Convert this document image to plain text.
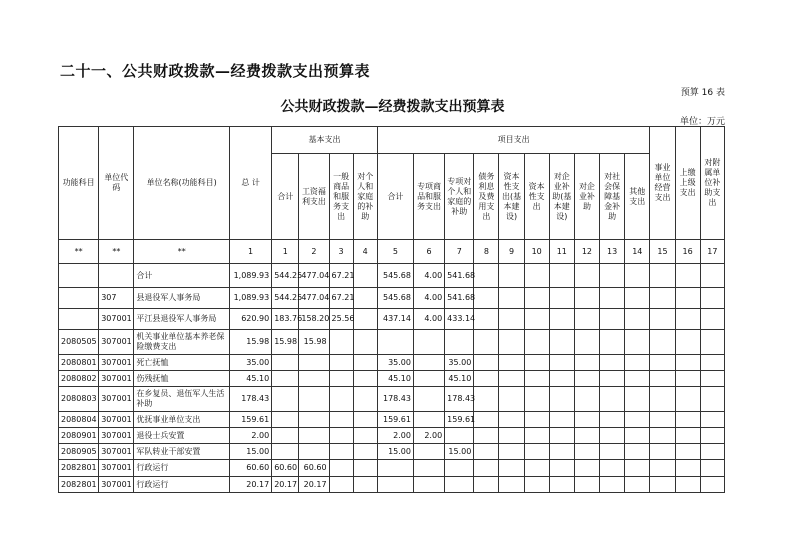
二十一、公共财政拨款—经费拨款支出预算表
预算 16 表
公共财政拨款—经费拨款支出预算表
单位：万元
功能科目	单位代码	单位名称(功能科目)	总 计	基本支出				项目支出										事业单位经营支出	上缴上级支出	对附属单位补助支出
				合计	工资福利支出	一般商品和服务支出	对个人和家庭的补助	合计	专项商品和服务支出	专项对个人和家庭的补助	债务利息及费用支出	资本性支出(基本建设)	资本性支出	对企业补助(基本建设)	对企业补助	对社会保障基金补助	其他支出			
**	**	**	1	1	2	3	4	5	6	7	8	9	10	11	12	13	14	15	16	17
		合计	1,089.93	544.25	477.04	67.21		545.68	4.00	541.68										
	307	县退役军人事务局	1,089.93	544.25	477.04	67.21		545.68	4.00	541.68										
	307001	平江县退役军人事务局	620.90	183.76	158.20	25.56		437.14	4.00	433.14										
2080505	307001	机关事业单位基本养老保险缴费支出	15.98	15.98	15.98															
2080801	307001	死亡抚恤	35.00					35.00		35.00										
2080802	307001	伤残抚恤	45.10					45.10		45.10										
2080803	307001	在乡复员、退伍军人生活补助	178.43					178.43		178.43										
2080804	307001	优抚事业单位支出	159.61					159.61		159.61										
2080901	307001	退役士兵安置	2.00					2.00	2.00											
2080905	307001	军队转业干部安置	15.00					15.00		15.00										
2082801	307001	行政运行	60.60	60.60	60.60															
2082801	307001	行政运行	20.17	20.17	20.17															
